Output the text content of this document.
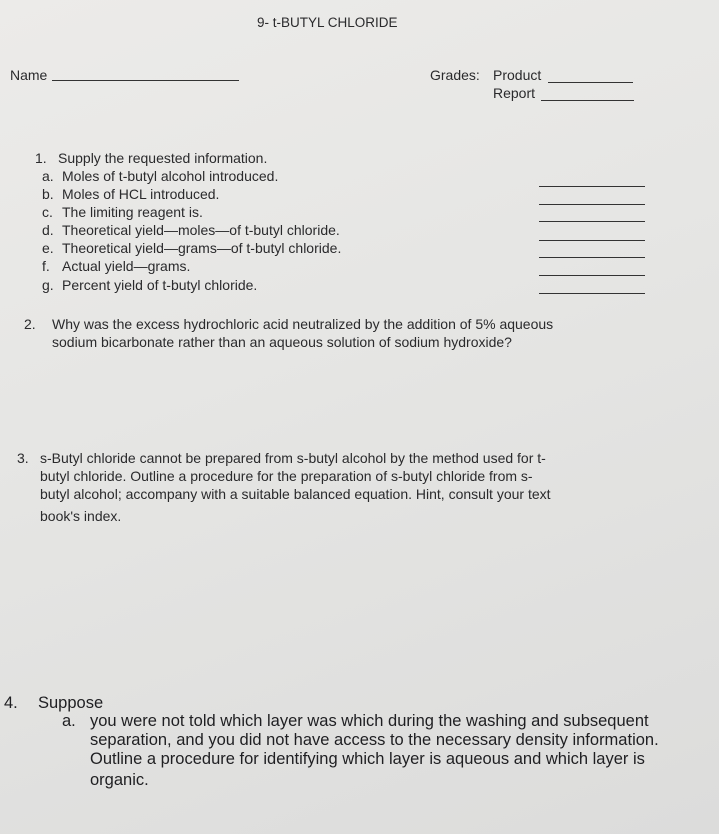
9- t-BUTYL CHLORIDE
Name	Grades: Product
Report
1. Supply the requested information.
a. Moles of t-butyl alcohol introduced.
b. Moles of HCL introduced.
c. The limiting reagent is.
d. Theoretical yield—moles—of t-butyl chloride.
e. Theoretical yield—grams—of t-butyl chloride.
f. Actual yield—grams.
g. Percent yield of t-butyl chloride.
2. Why was the excess hydrochloric acid neutralized by the addition of 5% aqueous
sodium bicarbonate rather than an aqueous solution of sodium hydroxide?
3. s-Butyl chloride cannot be prepared from s-butyl alcohol by the method used for t-
butyl chloride. Outline a procedure for the preparation of s-butyl chloride from s-
butyl alcohol; accompany with a suitable balanced equation. Hint, consult your text
book's index.
4. Suppose
a. you were not told which layer was which during the washing and subsequent
separation, and you did not have access to the necessary density information.
Outline a procedure for identifying which layer is aqueous and which layer is
organic.
